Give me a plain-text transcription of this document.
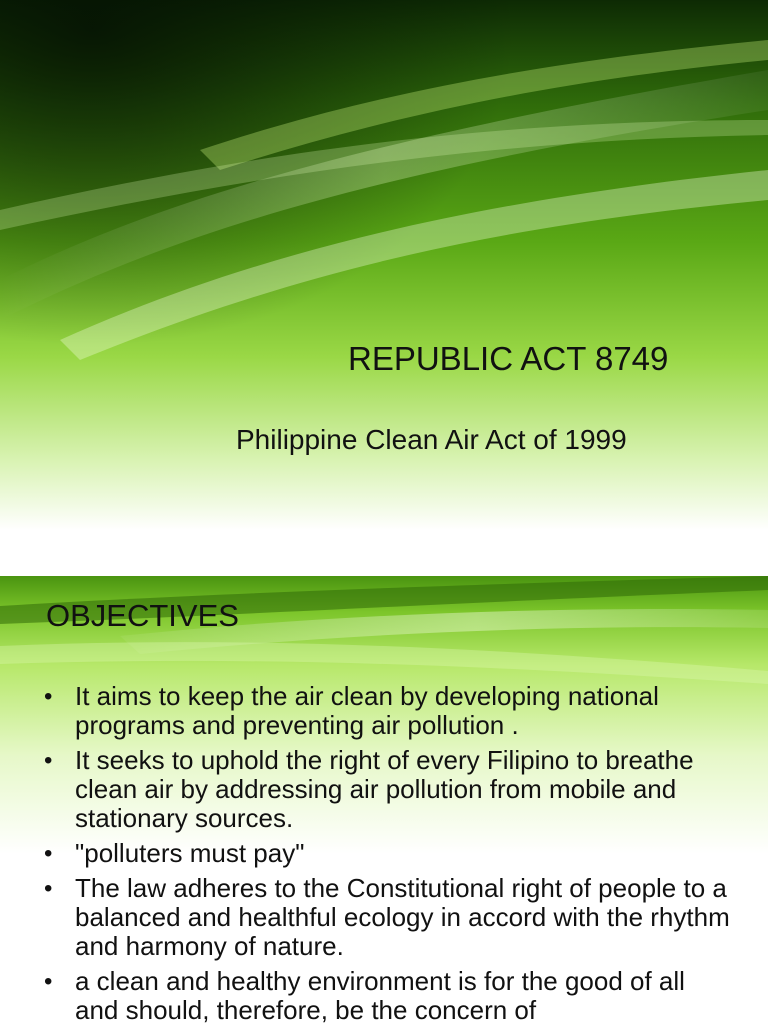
REPUBLIC ACT 8749
Philippine Clean Air Act of 1999
OBJECTIVES
• It aims to keep the air clean by developing national programs and preventing air pollution .
• It seeks to uphold the right of every Filipino to breathe clean air by addressing air pollution from mobile and stationary sources.
• "polluters must pay"
• The law adheres to the Constitutional right of people to a balanced and healthful ecology in accord with the rhythm and harmony of nature.
• a clean and healthy environment is for the good of all and should, therefore, be the concern of
